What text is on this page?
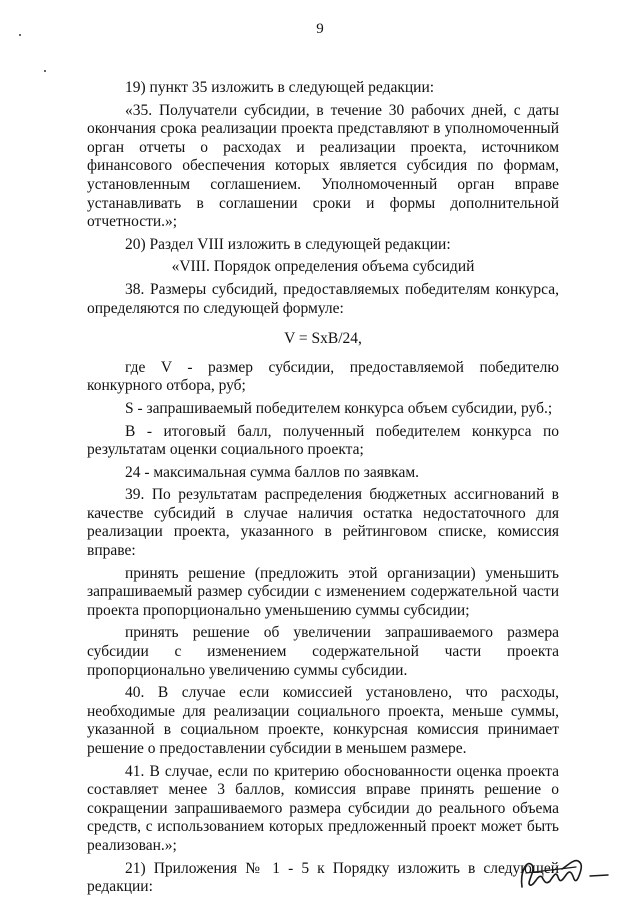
9

19) пункт 35 изложить в следующей редакции:

«35. Получатели субсидии, в течение 30 рабочих дней, с даты окончания срока реализации проекта представляют в уполномоченный орган отчеты о расходах и реализации проекта, источником финансового обеспечения которых является субсидия по формам, установленным соглашением. Уполномоченный орган вправе устанавливать в соглашении сроки и формы дополнительной отчетности.»;

20) Раздел VIII изложить в следующей редакции:

«VIII. Порядок определения объема субсидий

38. Размеры субсидий, предоставляемых победителям конкурса, определяются по следующей формуле:

V = SxB/24,

где V - размер субсидии, предоставляемой победителю конкурного отбора, руб;

S - запрашиваемый победителем конкурса объем субсидии, руб.;

B - итоговый балл, полученный победителем конкурса по результатам оценки социального проекта;

24 - максимальная сумма баллов по заявкам.

39. По результатам распределения бюджетных ассигнований в качестве субсидий в случае наличия остатка недостаточного для реализации проекта, указанного в рейтинговом списке, комиссия вправе:

принять решение (предложить этой организации) уменьшить запрашиваемый размер субсидии с изменением содержательной части проекта пропорционально уменьшению суммы субсидии;

принять решение об увеличении запрашиваемого размера субсидии с изменением содержательной части проекта пропорционально увеличению суммы субсидии.

40. В случае если комиссией установлено, что расходы, необходимые для реализации социального проекта, меньше суммы, указанной в социальном проекте, конкурсная комиссия принимает решение о предоставлении субсидии в меньшем размере.

41. В случае, если по критерию обоснованности оценка проекта составляет менее 3 баллов, комиссия вправе принять решение о сокращении запрашиваемого размера субсидии до реального объема средств, с использованием которых предложенный проект может быть реализован.»;

21) Приложения № 1 - 5 к Порядку изложить в следующей редакции:
